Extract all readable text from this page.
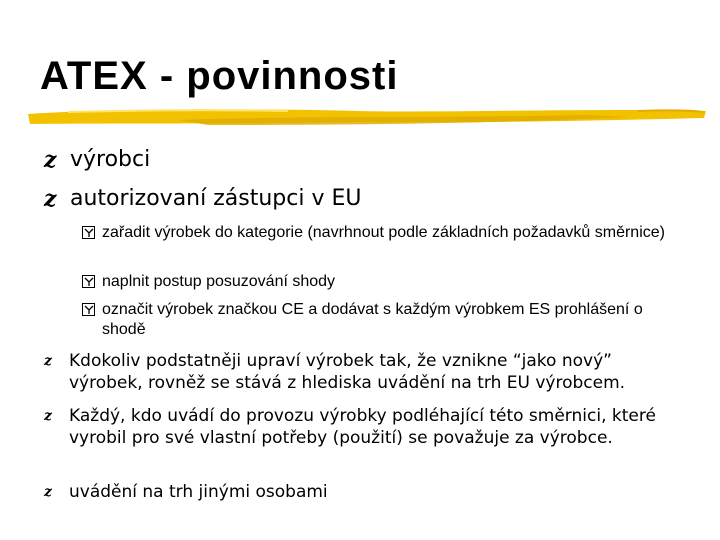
ATEX - povinnosti
z výrobci
z autorizovaní zástupci v EU
zařadit výrobek do kategorie (navrhnout podle základních požadavků směrnice)
naplnit postup posuzování shody
označit výrobek značkou CE a dodávat s každým výrobkem ES prohlášení o shodě
z Kdokoliv podstatněji upraví výrobek tak, že vznikne “jako nový” výrobek, rovněž se stává z hlediska uvádění na trh EU výrobcem.
z Každý, kdo uvádí do provozu výrobky podléhající této směrnici, které vyrobil pro své vlastní potřeby (použití) se považuje za výrobce.
z uvádění na trh jinými osobami
